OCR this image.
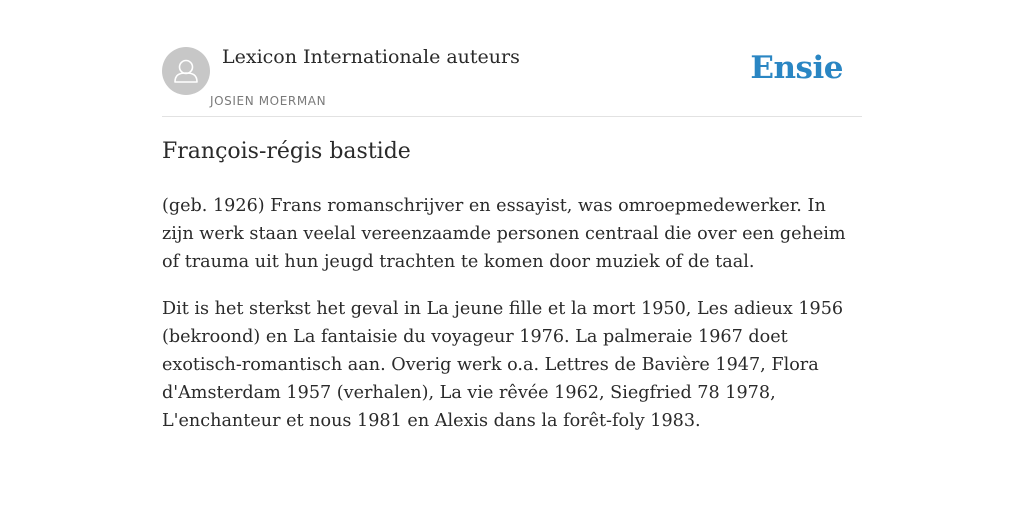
Lexicon Internationale auteurs
JOSIEN MOERMAN
Ensie
François-régis bastide

(geb. 1926) Frans romanschrijver en essayist, was omroepmedewerker. In zijn werk staan veelal vereenzaamde personen centraal die over een geheim of trauma uit hun jeugd trachten te komen door muziek of de taal.

Dit is het sterkst het geval in La jeune fille et la mort 1950, Les adieux 1956 (bekroond) en La fantaisie du voyageur 1976. La palmeraie 1967 doet exotisch-romantisch aan. Overig werk o.a. Lettres de Bavière 1947, Flora d'Amsterdam 1957 (verhalen), La vie rêvée 1962, Siegfried 78 1978, L'enchanteur et nous 1981 en Alexis dans la forêt-foly 1983.
